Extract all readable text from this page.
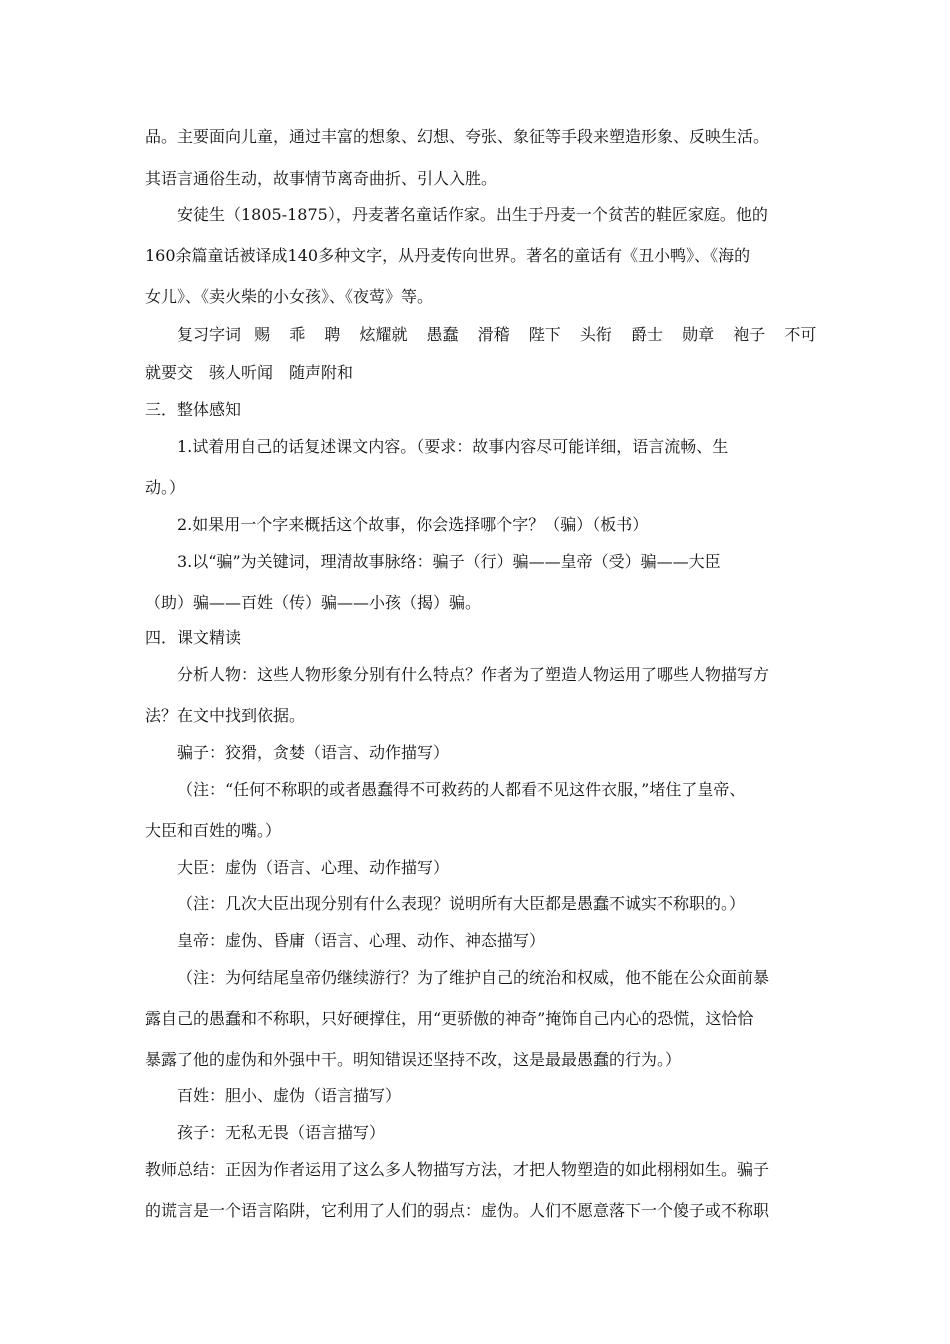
品。主要面向儿童，通过丰富的想象、幻想、夸张、象征等手段来塑造形象、反映生活。
其语言通俗生动，故事情节离奇曲折、引人入胜。
安徒生（1805-1875），丹麦著名童话作家。出生于丹麦一个贫苦的鞋匠家庭。他的
160余篇童话被译成140多种文字，从丹麦传向世界。著名的童话有《丑小鸭》、《海的
女儿》、《卖火柴的小女孩》、《夜莺》等。
复习字词 赐 乖 聘 炫耀就 愚蠢 滑稽 陛下 头衔 爵士 勋章 袍子 不可
就要交　骇人听闻　随声附和
三．整体感知
1.试着用自己的话复述课文内容。（要求：故事内容尽可能详细，语言流畅、生
动。）
2.如果用一个字来概括这个故事，你会选择哪个字？（骗）（板书）
3.以“骗”为关键词，理清故事脉络：骗子（行）骗——皇帝（受）骗——大臣
（助）骗——百姓（传）骗——小孩（揭）骗。
四．课文精读
分析人物：这些人物形象分别有什么特点？作者为了塑造人物运用了哪些人物描写方
法？在文中找到依据。
骗子：狡猾，贪婪（语言、动作描写）
（注：“任何不称职的或者愚蠢得不可救药的人都看不见这件衣服，”堵住了皇帝、
大臣和百姓的嘴。）
大臣：虚伪（语言、心理、动作描写）
（注：几次大臣出现分别有什么表现？说明所有大臣都是愚蠢不诚实不称职的。）
皇帝：虚伪、昏庸（语言、心理、动作、神态描写）
（注：为何结尾皇帝仍继续游行？为了维护自己的统治和权威，他不能在公众面前暴
露自己的愚蠢和不称职，只好硬撑住，用“更骄傲的神奇”掩饰自己内心的恐慌，这恰恰
暴露了他的虚伪和外强中干。明知错误还坚持不改，这是最最愚蠢的行为。）
百姓：胆小、虚伪（语言描写）
孩子：无私无畏（语言描写）
教师总结：正因为作者运用了这么多人物描写方法，才把人物塑造的如此栩栩如生。骗子
的谎言是一个语言陷阱，它利用了人们的弱点：虚伪。人们不愿意落下一个傻子或不称职
